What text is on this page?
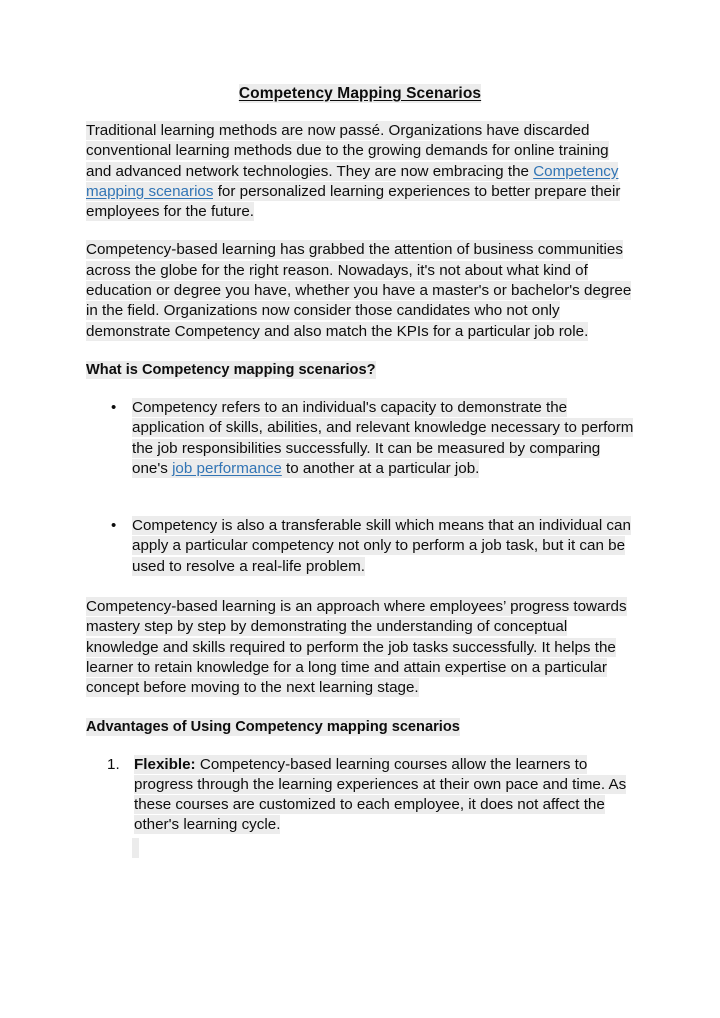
Competency Mapping Scenarios

Traditional learning methods are now passé. Organizations have discarded conventional learning methods due to the growing demands for online training and advanced network technologies. They are now embracing the Competency mapping scenarios for personalized learning experiences to better prepare their employees for the future.

Competency-based learning has grabbed the attention of business communities across the globe for the right reason. Nowadays, it's not about what kind of education or degree you have, whether you have a master's or bachelor's degree in the field. Organizations now consider those candidates who not only demonstrate Competency and also match the KPIs for a particular job role.

What is Competency mapping scenarios?
•	Competency refers to an individual's capacity to demonstrate the application of skills, abilities, and relevant knowledge necessary to perform the job responsibilities successfully. It can be measured by comparing one's job performance to another at a particular job.
•	Competency is also a transferable skill which means that an individual can apply a particular competency not only to perform a job task, but it can be used to resolve a real-life problem.

Competency-based learning is an approach where employees’ progress towards mastery step by step by demonstrating the understanding of conceptual knowledge and skills required to perform the job tasks successfully. It helps the learner to retain knowledge for a long time and attain expertise on a particular concept before moving to the next learning stage.

Advantages of Using Competency mapping scenarios
1. Flexible: Competency-based learning courses allow the learners to progress through the learning experiences at their own pace and time. As these courses are customized to each employee, it does not affect the other's learning cycle.
